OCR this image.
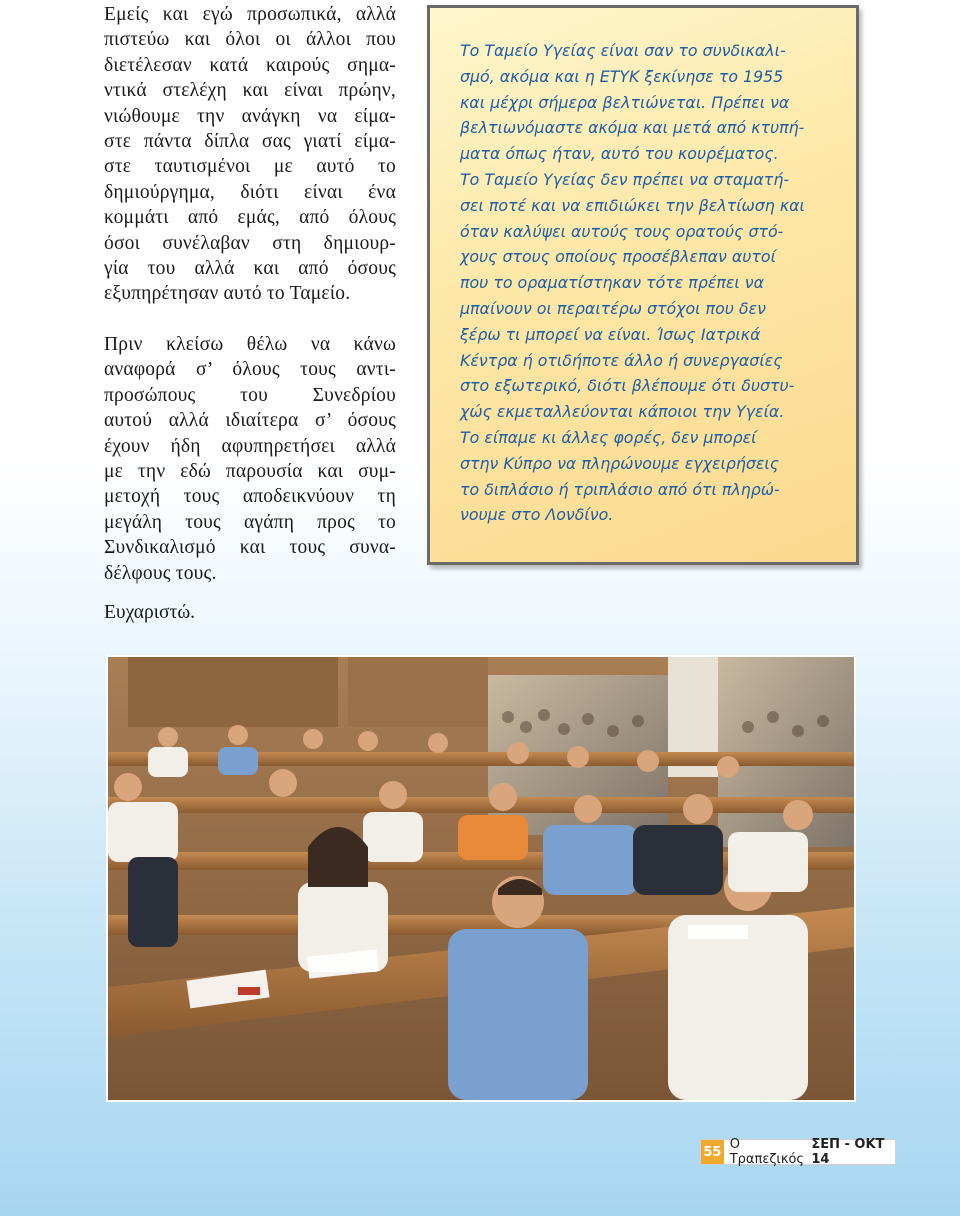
Εμείς και εγώ προσωπικά, αλλά
πιστεύω και όλοι οι άλλοι που
διετέλεσαν κατά καιρούς σημα-
ντικά στελέχη και είναι πρώην,
νιώθουμε την ανάγκη να είμα-
στε πάντα δίπλα σας γιατί είμα-
στε ταυτισμένοι με αυτό το
δημιούργημα, διότι είναι ένα
κομμάτι από εμάς, από όλους
όσοι συνέλαβαν στη δημιουρ-
γία του αλλά και από όσους
εξυπηρέτησαν αυτό το Ταμείο.

Πριν κλείσω θέλω να κάνω
αναφορά σ’ όλους τους αντι-
προσώπους του Συνεδρίου
αυτού αλλά ιδιαίτερα σ’ όσους
έχουν ήδη αφυπηρετήσει αλλά
με την εδώ παρουσία και συμ-
μετοχή τους αποδεικνύουν τη
μεγάλη τους αγάπη προς το
Συνδικαλισμό και τους συνα-
δέλφους τους.

Το Ταμείο Υγείας είναι σαν το συνδικαλι-
σμό, ακόμα και η ΕΤΥΚ ξεκίνησε το 1955
και μέχρι σήμερα βελτιώνεται. Πρέπει να
βελτιωνόμαστε ακόμα και μετά από κτυπή-
ματα όπως ήταν, αυτό του κουρέματος.
Το Ταμείο Υγείας δεν πρέπει να σταματή-
σει ποτέ και να επιδιώκει την βελτίωση και
όταν καλύψει αυτούς τους ορατούς στό-
χους στους οποίους προσέβλεπαν αυτοί
που το οραματίστηκαν τότε πρέπει να
μπαίνουν οι περαιτέρω στόχοι που δεν
ξέρω τι μπορεί να είναι. Ίσως Ιατρικά
Κέντρα ή οτιδήποτε άλλο ή συνεργασίες
στο εξωτερικό, διότι βλέπουμε ότι δυστυ-
χώς εκμεταλλεύονται κάποιοι την Υγεία.
Το είπαμε κι άλλες φορές, δεν μπορεί
στην Κύπρο να πληρώνουμε εγχειρήσεις
το διπλάσιο ή τριπλάσιο από ότι πληρώ-
νουμε στο Λονδίνο.
Ευχαριστώ.
55 Ο Τραπεζικός
ΣΕΠ - ΟΚΤ 14
